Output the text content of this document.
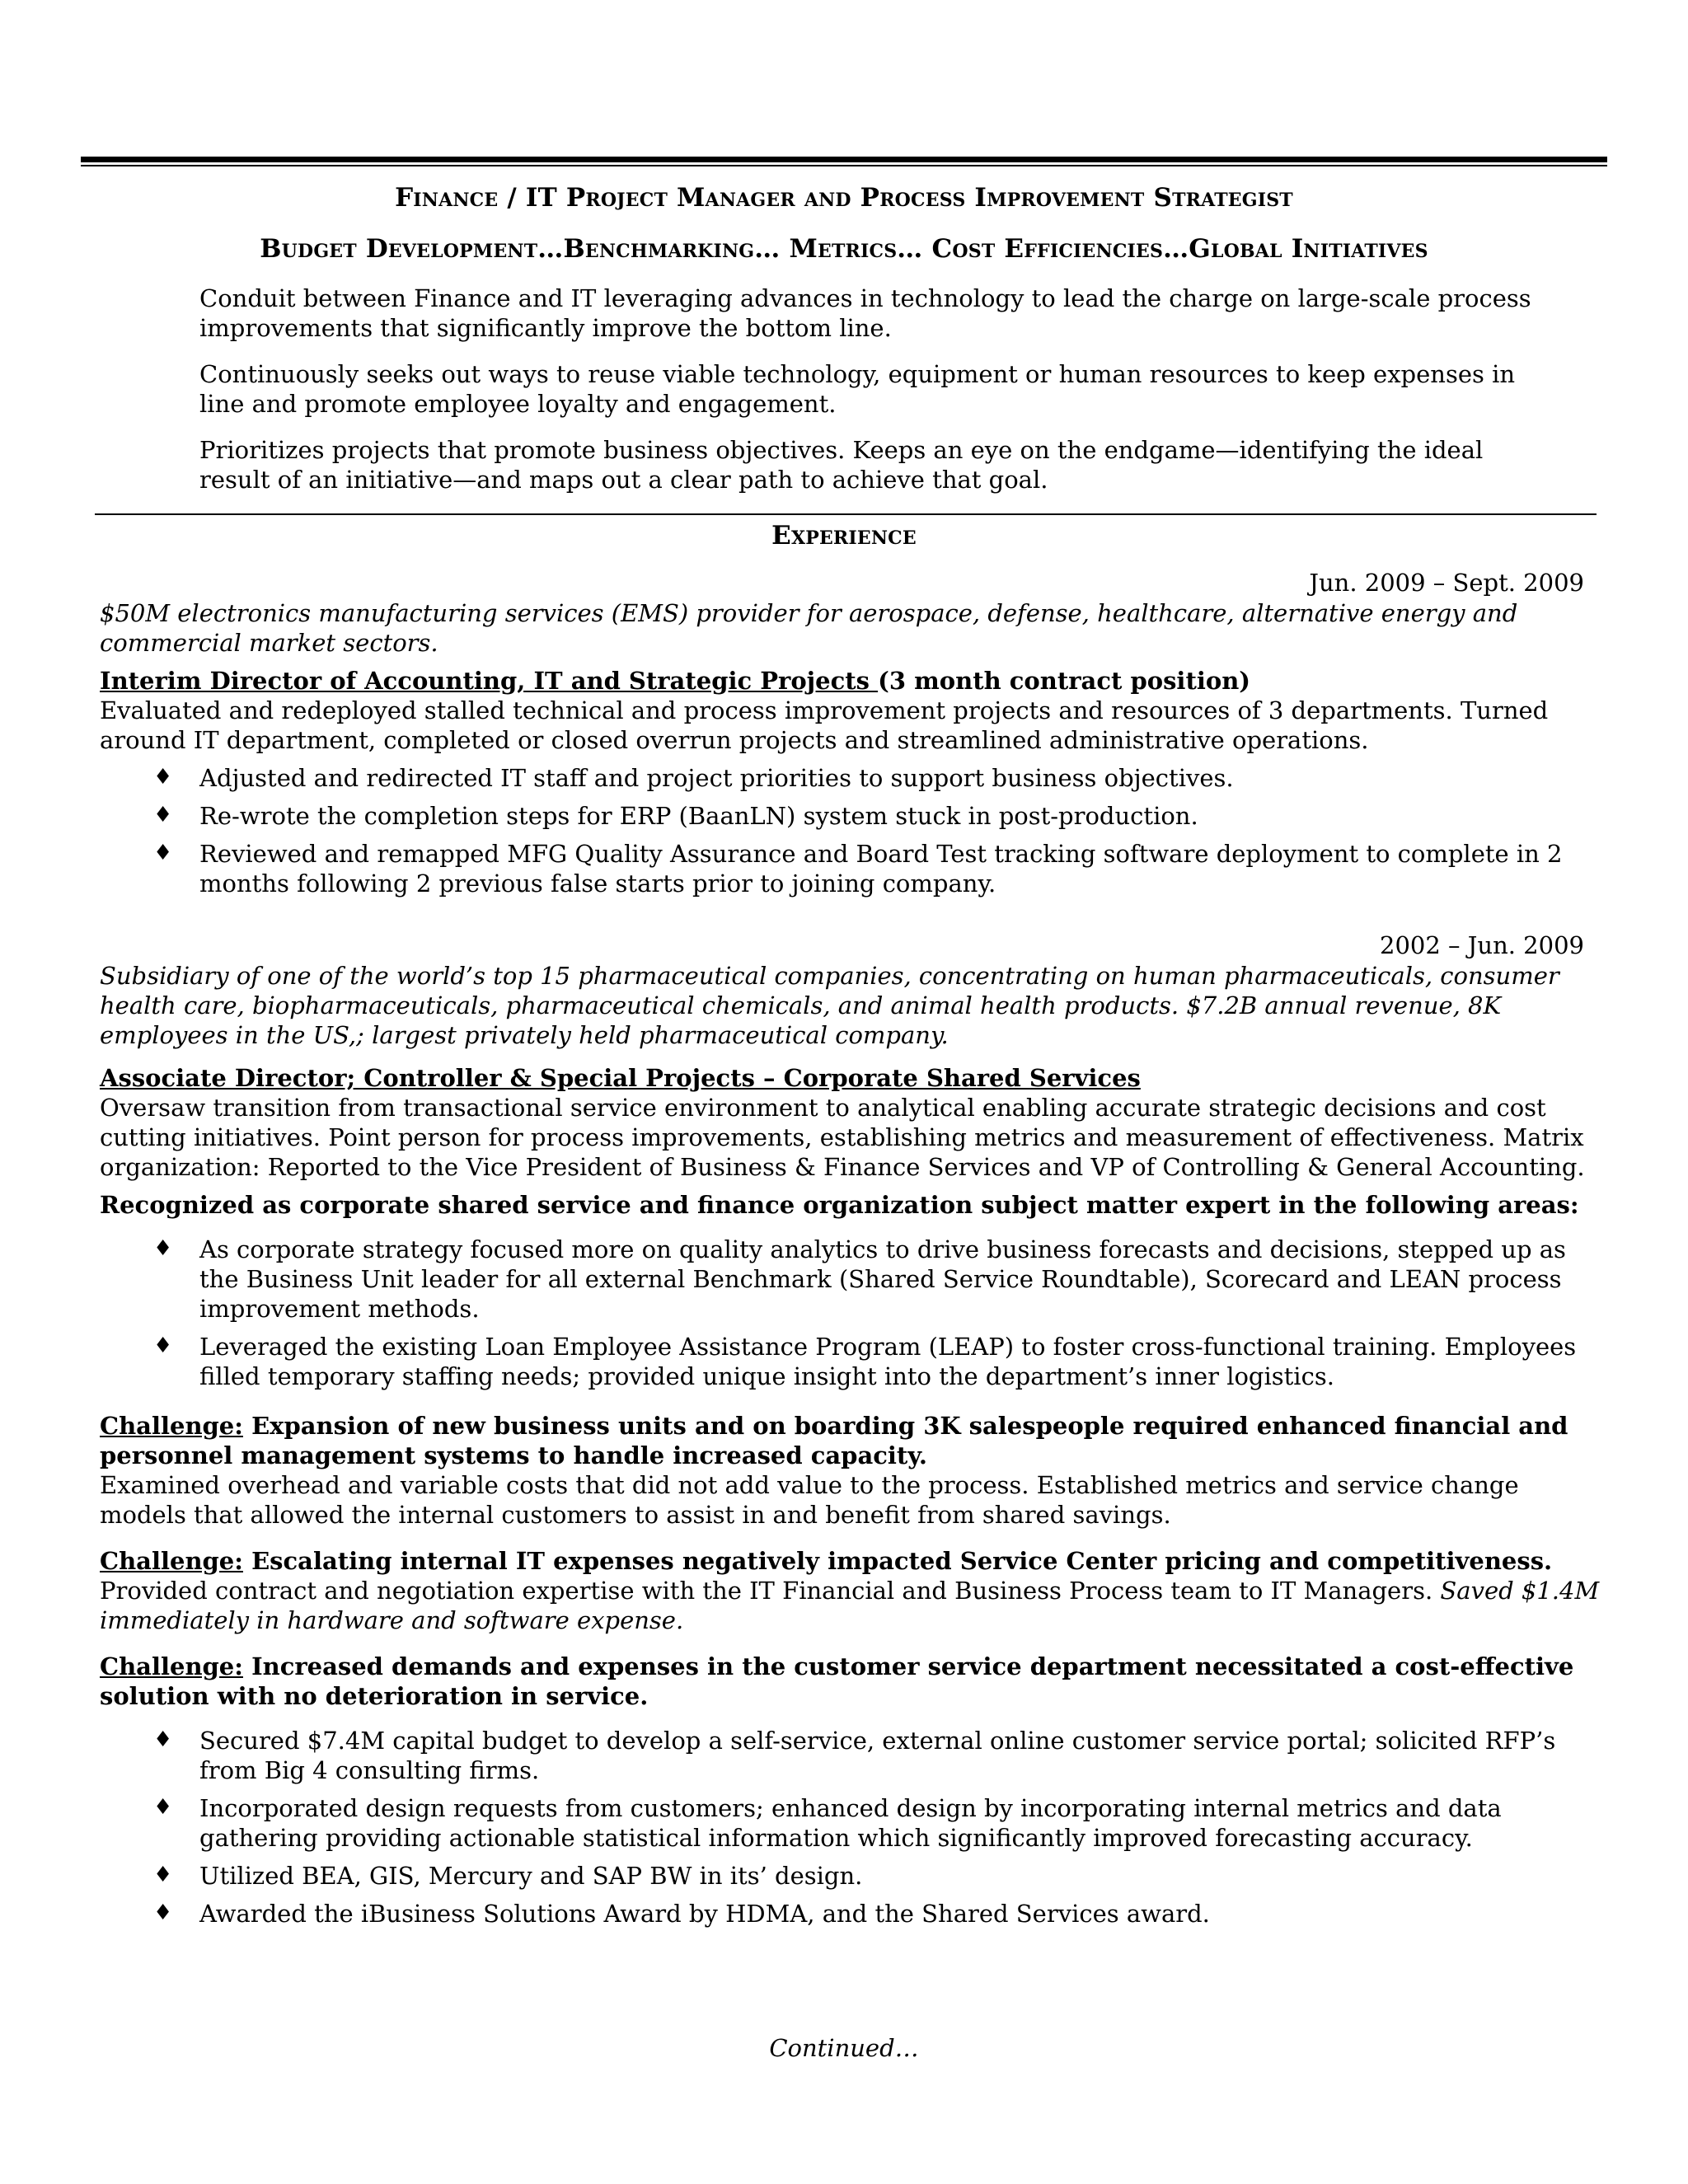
Finance / IT Project Manager and Process Improvement Strategist
Budget Development…Benchmarking… Metrics… Cost Efficiencies…Global Initiatives
Conduit between Finance and IT leveraging advances in technology to lead the charge on large-scale process improvements that significantly improve the bottom line.
Continuously seeks out ways to reuse viable technology, equipment or human resources to keep expenses in line and promote employee loyalty and engagement.
Prioritizes projects that promote business objectives. Keeps an eye on the endgame—identifying the ideal result of an initiative—and maps out a clear path to achieve that goal.
Experience
Jun. 2009 – Sept. 2009
$50M electronics manufacturing services (EMS) provider for aerospace, defense, healthcare, alternative energy and commercial market sectors.
Interim Director of Accounting, IT and Strategic Projects (3 month contract position)
Evaluated and redeployed stalled technical and process improvement projects and resources of 3 departments. Turned around IT department, completed or closed overrun projects and streamlined administrative operations.
♦ Adjusted and redirected IT staff and project priorities to support business objectives.
♦ Re-wrote the completion steps for ERP (BaanLN) system stuck in post-production.
♦ Reviewed and remapped MFG Quality Assurance and Board Test tracking software deployment to complete in 2 months following 2 previous false starts prior to joining company.
2002 – Jun. 2009
Subsidiary of one of the world’s top 15 pharmaceutical companies, concentrating on human pharmaceuticals, consumer health care, biopharmaceuticals, pharmaceutical chemicals, and animal health products. $7.2B annual revenue, 8K employees in the US,; largest privately held pharmaceutical company.
Associate Director; Controller & Special Projects – Corporate Shared Services
Oversaw transition from transactional service environment to analytical enabling accurate strategic decisions and cost cutting initiatives. Point person for process improvements, establishing metrics and measurement of effectiveness. Matrix organization: Reported to the Vice President of Business & Finance Services and VP of Controlling & General Accounting.
Recognized as corporate shared service and finance organization subject matter expert in the following areas:
♦ As corporate strategy focused more on quality analytics to drive business forecasts and decisions, stepped up as the Business Unit leader for all external Benchmark (Shared Service Roundtable), Scorecard and LEAN process improvement methods.
♦ Leveraged the existing Loan Employee Assistance Program (LEAP) to foster cross-functional training. Employees filled temporary staffing needs; provided unique insight into the department’s inner logistics.
Challenge: Expansion of new business units and on boarding 3K salespeople required enhanced financial and personnel management systems to handle increased capacity.
Examined overhead and variable costs that did not add value to the process. Established metrics and service change models that allowed the internal customers to assist in and benefit from shared savings.
Challenge: Escalating internal IT expenses negatively impacted Service Center pricing and competitiveness.
Provided contract and negotiation expertise with the IT Financial and Business Process team to IT Managers. Saved $1.4M immediately in hardware and software expense.
Challenge: Increased demands and expenses in the customer service department necessitated a cost-effective solution with no deterioration in service.
♦ Secured $7.4M capital budget to develop a self-service, external online customer service portal; solicited RFP’s from Big 4 consulting firms.
♦ Incorporated design requests from customers; enhanced design by incorporating internal metrics and data gathering providing actionable statistical information which significantly improved forecasting accuracy.
♦ Utilized BEA, GIS, Mercury and SAP BW in its’ design.
♦ Awarded the iBusiness Solutions Award by HDMA, and the Shared Services award.
Continued…
